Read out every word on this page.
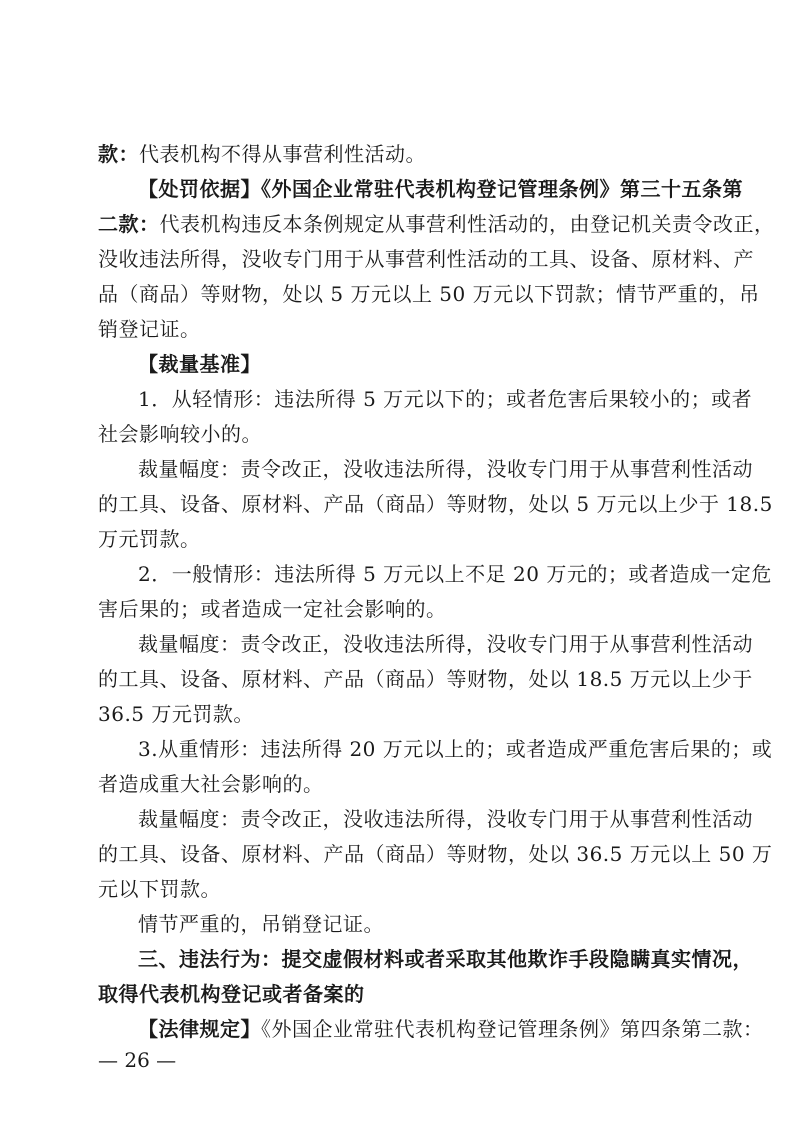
款：代表机构不得从事营利性活动。
【处罚依据】《外国企业常驻代表机构登记管理条例》第三十五条第
二款：代表机构违反本条例规定从事营利性活动的，由登记机关责令改正，
没收违法所得，没收专门用于从事营利性活动的工具、设备、原材料、产
品（商品）等财物，处以 5 万元以上 50 万元以下罚款；情节严重的，吊
销登记证。
【裁量基准】
1．从轻情形：违法所得 5 万元以下的；或者危害后果较小的；或者
社会影响较小的。
裁量幅度：责令改正，没收违法所得，没收专门用于从事营利性活动
的工具、设备、原材料、产品（商品）等财物，处以 5 万元以上少于 18.5
万元罚款。
2．一般情形：违法所得 5 万元以上不足 20 万元的；或者造成一定危
害后果的；或者造成一定社会影响的。
裁量幅度：责令改正，没收违法所得，没收专门用于从事营利性活动
的工具、设备、原材料、产品（商品）等财物，处以 18.5 万元以上少于
36.5 万元罚款。
3.从重情形：违法所得 20 万元以上的；或者造成严重危害后果的；或
者造成重大社会影响的。
裁量幅度：责令改正，没收违法所得，没收专门用于从事营利性活动
的工具、设备、原材料、产品（商品）等财物，处以 36.5 万元以上 50 万
元以下罚款。
情节严重的，吊销登记证。
三、违法行为：提交虚假材料或者采取其他欺诈手段隐瞒真实情况，
取得代表机构登记或者备案的
【法律规定】《外国企业常驻代表机构登记管理条例》第四条第二款：
— 26 —
